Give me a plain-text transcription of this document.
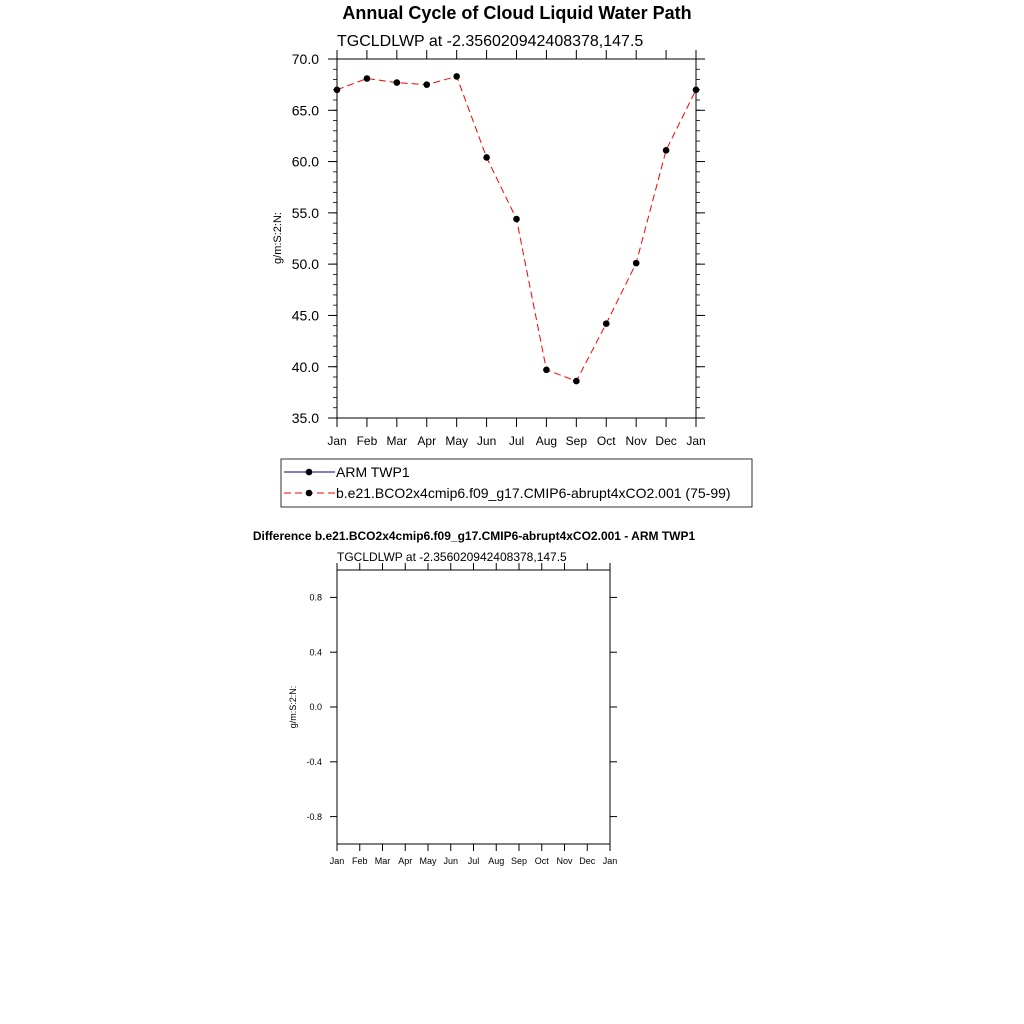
Annual Cycle of Cloud Liquid Water Path
TGCLDLWP at -2.356020942408378,147.5
g/m:S:2:N:
Jan Feb Mar Apr May Jun Jul Aug Sep Oct Nov Dec Jan
35.0
40.0
45.0
50.0
55.0
60.0
65.0
70.0
ARM TWP1
b.e21.BCO2x4cmip6.f09_g17.CMIP6-abrupt4xCO2.001 (75-99)
Difference b.e21.BCO2x4cmip6.f09_g17.CMIP6-abrupt4xCO2.001 - ARM TWP1
TGCLDLWP at -2.356020942408378,147.5
g/m:S:2:N:
Jan Feb Mar Apr May Jun Jul Aug Sep Oct Nov Dec Jan
-0.8
-0.4
0.0
0.4
0.8
